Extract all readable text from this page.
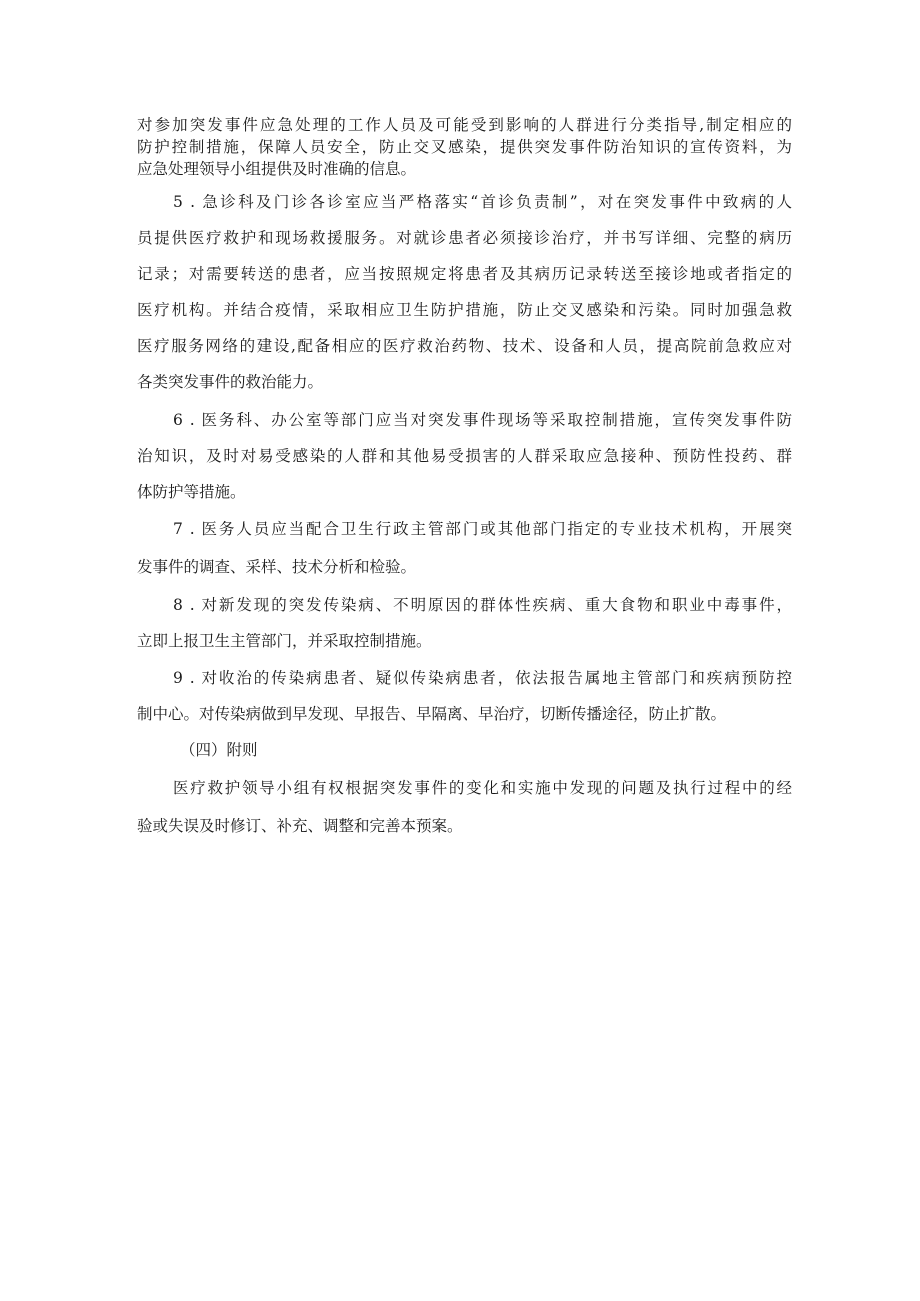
对参加突发事件应急处理的工作人员及可能受到影响的人群进行分类指导,制定相应的
防护控制措施，保障人员安全，防止交叉感染，提供突发事件防治知识的宣传资料，为
应急处理领导小组提供及时准确的信息。
5 . 急诊科及门诊各诊室应当严格落实“首诊负责制”，对在突发事件中致病的人
员提供医疗救护和现场救援服务。对就诊患者必须接诊治疗，并书写详细、完整的病历
记录；对需要转送的患者，应当按照规定将患者及其病历记录转送至接诊地或者指定的
医疗机构。并结合疫情，采取相应卫生防护措施，防止交叉感染和污染。同时加强急救
医疗服务网络的建设,配备相应的医疗救治药物、技术、设备和人员，提高院前急救应对
各类突发事件的救治能力。
6 . 医务科、办公室等部门应当对突发事件现场等采取控制措施，宣传突发事件防
治知识，及时对易受感染的人群和其他易受损害的人群采取应急接种、预防性投药、群
体防护等措施。
7 . 医务人员应当配合卫生行政主管部门或其他部门指定的专业技术机构，开展突
发事件的调查、采样、技术分析和检验。
8 . 对新发现的突发传染病、不明原因的群体性疾病、重大食物和职业中毒事件，
立即上报卫生主管部门，并采取控制措施。
9 . 对收治的传染病患者、疑似传染病患者，依法报告属地主管部门和疾病预防控
制中心。对传染病做到早发现、早报告、早隔离、早治疗，切断传播途径，防止扩散。
（四）附则
医疗救护领导小组有权根据突发事件的变化和实施中发现的问题及执行过程中的经
验或失误及时修订、补充、调整和完善本预案。
